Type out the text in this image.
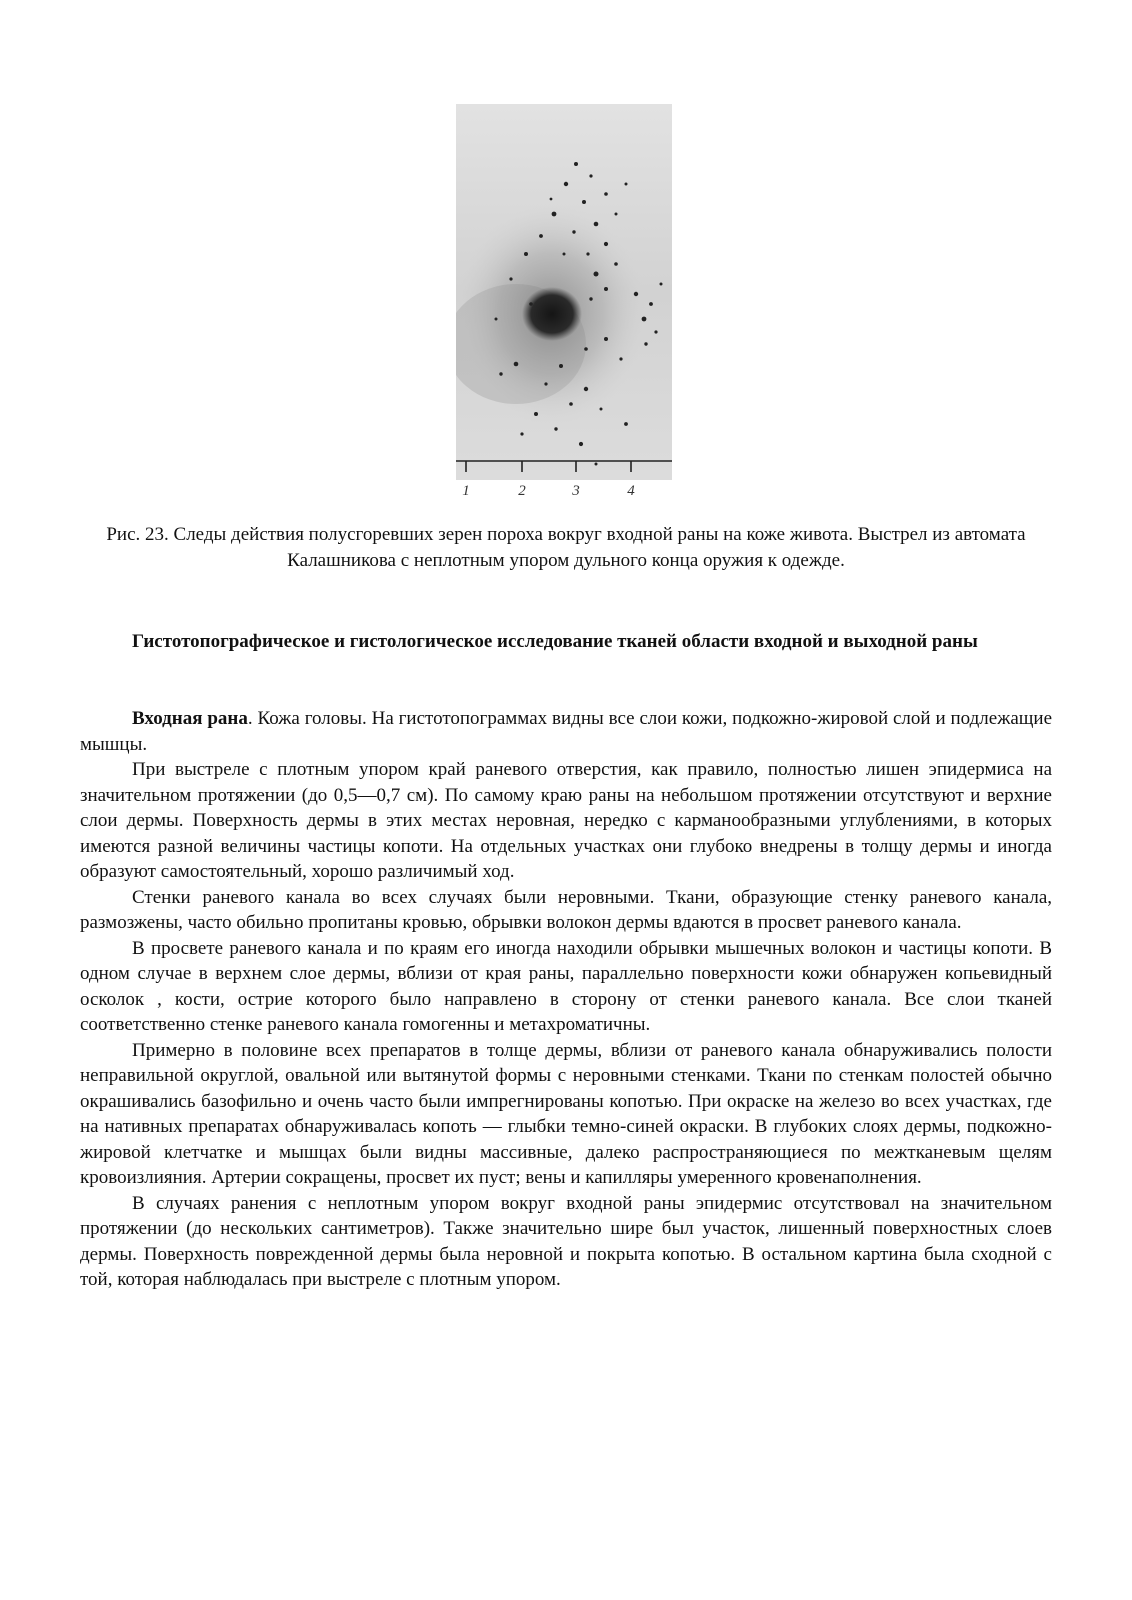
1	2	3	4
Рис. 23. Следы действия полусгоревших зерен пороха вокруг входной раны на коже живота. Выстрел из автомата Калашникова с неплотным упором дульного конца оружия к одежде.
Гистотопографическое и гистологическое исследование тканей области входной и выходной раны

Входная рана. Кожа головы. На гистотопограммах видны все слои кожи, подкожно-жировой слой и подлежащие мышцы.

При выстреле с плотным упором край раневого отверстия, как правило, полностью лишен эпидермиса на значительном протяжении (до 0,5—0,7 см). По самому краю раны на небольшом протяжении отсутствуют и верхние слои дермы. Поверхность дермы в этих местах неровная, нередко с карманообразными углублениями, в которых имеются разной величины частицы копоти. На отдельных участках они глубоко внедрены в толщу дермы и иногда образуют самостоятельный, хорошо различимый ход.

Стенки раневого канала во всех случаях были неровными. Ткани, образующие стенку раневого канала, размозжены, часто обильно пропитаны кровью, обрывки волокон дермы вдаются в просвет раневого канала.

В просвете раневого канала и по краям его иногда находили обрывки мышечных волокон и частицы копоти. В одном случае в верхнем слое дермы, вблизи от края раны, параллельно поверхности кожи обнаружен копьевидный осколок , кости, острие которого было направлено в сторону от стенки раневого канала. Все слои тканей соответственно стенке раневого канала гомогенны и метахроматичны.

Примерно в половине всех препаратов в толще дермы, вблизи от раневого канала обнаруживались полости неправильной округлой, овальной или вытянутой формы с неровными стенками. Ткани по стенкам полостей обычно окрашивались базофильно и очень часто были импрегнированы копотью. При окраске на железо во всех участках, где на нативных препаратах обнаруживалась копоть — глыбки темно-синей окраски. В глубоких слоях дермы, подкожно-жировой клетчатке и мышцах были видны массивные, далеко распространяющиеся по межтканевым щелям кровоизлияния. Артерии сокращены, просвет их пуст; вены и капилляры умеренного кровенаполнения.

В случаях ранения с неплотным упором вокруг входной раны эпидермис отсутствовал на значительном протяжении (до нескольких сантиметров). Также значительно шире был участок, лишенный поверхностных слоев дермы. Поверхность поврежденной дермы была неровной и покрыта копотью. В остальном картина была сходной с той, которая наблюдалась при выстреле с плотным упором.
